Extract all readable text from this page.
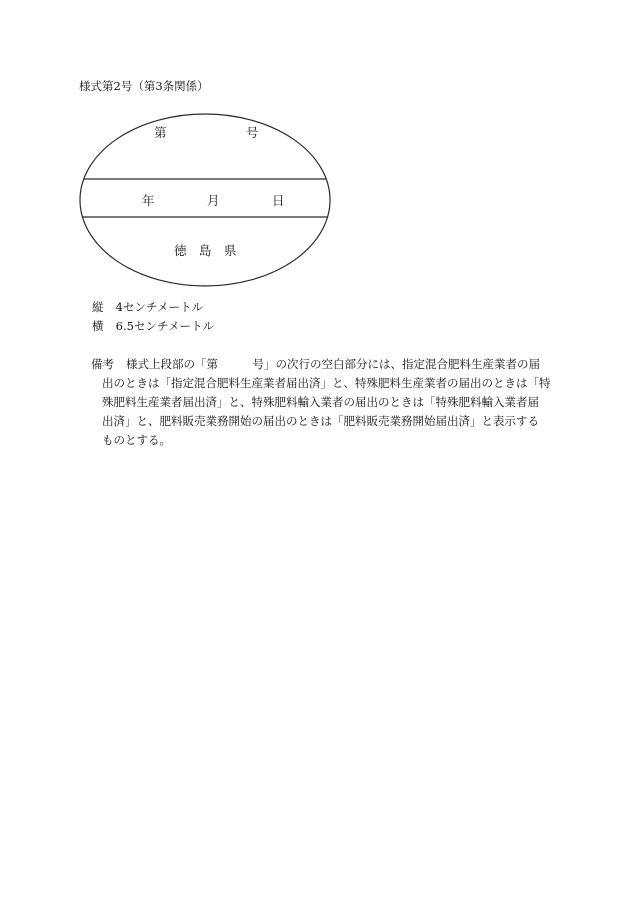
様式第2号（第3条関係）
第	号
年	月	日
徳 島 県
縦 4センチメートル
横 6.5センチメートル
備考 様式上段部の「第　　　号」の次行の空白部分には、指定混合肥料生産業者の届
出のときは「指定混合肥料生産業者届出済」と、特殊肥料生産業者の届出のときは「特
殊肥料生産業者届出済」と、特殊肥料輸入業者の届出のときは「特殊肥料輸入業者届
出済」と、肥料販売業務開始の届出のときは「肥料販売業務開始届出済」と表示する
ものとする。
